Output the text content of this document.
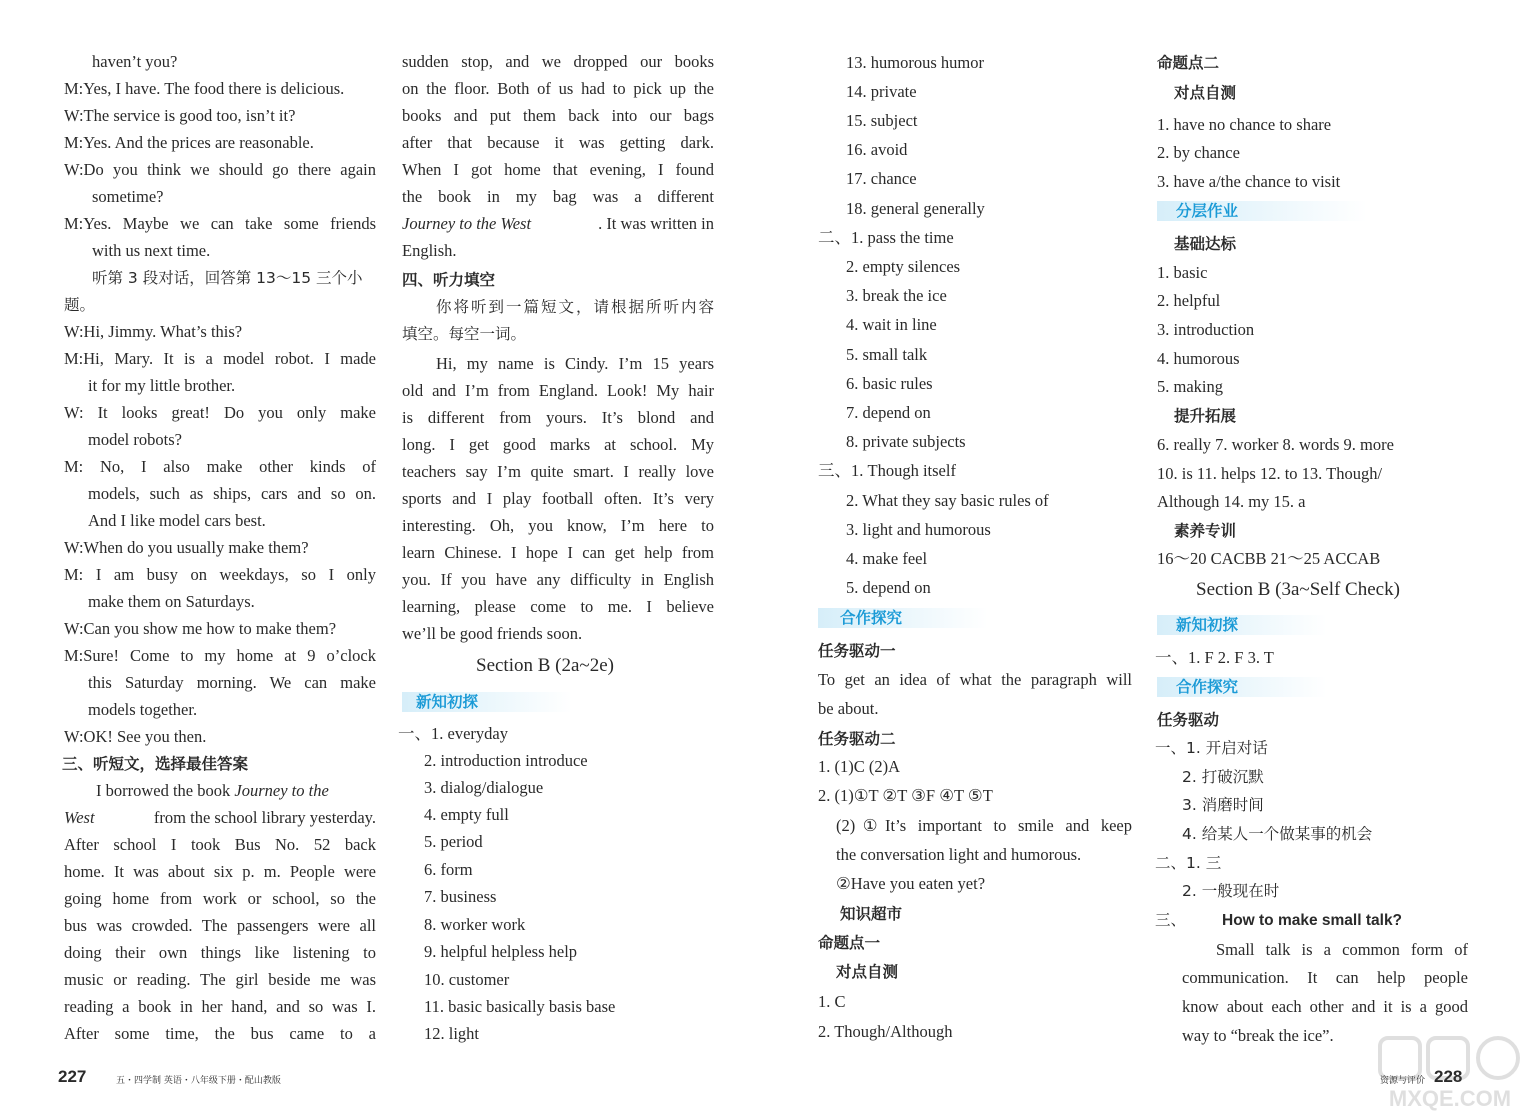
haven’t you?
M:Yes, I have. The food there is delicious.
W:The service is good too, isn’t it?
M:Yes. And the prices are reasonable.
W:Do you think we should go there again
sometime?
M:Yes. Maybe we can take some friends
with us next time.
听第 3 段对话，回答第 13～15 三个小
题。
W:Hi, Jimmy. What’s this?
M:Hi, Mary. It is a model robot. I made
it for my little brother.
W: It looks great! Do you only make
model robots?
M: No, I also make other kinds of
models, such as ships, cars and so on.
And I like model cars best.
W:When do you usually make them?
M: I am busy on weekdays, so I only
make them on Saturdays.
W:Can you show me how to make them?
M:Sure! Come to my home at 9 o’clock
this Saturday morning. We can make
models together.
W:OK! See you then.
三、听短文，选择最佳答案
I borrowed the book Journey to the
West	from the school library yesterday.
After school I took Bus No. 52 back
home. It was about six p. m. People were
going home from work or school, so the
bus was crowded. The passengers were all
doing their own things like listening to
music or reading. The girl beside me was
reading a book in her hand, and so was I.
After some time, the bus came to a
sudden stop, and we dropped our books
on the floor. Both of us had to pick up the
books and put them back into our bags
after that because it was getting dark.
When I got home that evening, I found
the book in my bag was a different
Journey to the West	. It was written in
English.
四、听力填空
你将听到一篇短文，请根据所听内容
填空。每空一词。
Hi, my name is Cindy. I’m 15 years
old and I’m from England. Look! My hair
is different from yours. It’s blond and
long. I get good marks at school. My
teachers say I’m quite smart. I really love
sports and I play football often. It’s very
interesting. Oh, you know, I’m here to
learn Chinese. I hope I can get help from
you. If you have any difficulty in English
learning, please come to me. I believe
we’ll be good friends soon.
Section B (2a~2e)
新知初探
一、1. everyday
2. introduction introduce
3. dialog/dialogue
4. empty full
5. period
6. form
7. business
8. worker work
9. helpful helpless help
10. customer
11. basic basically basis base
12. light
13. humorous humor
14. private
15. subject
16. avoid
17. chance
18. general generally
二、1. pass the time
2. empty silences
3. break the ice
4. wait in line
5. small talk
6. basic rules
7. depend on
8. private subjects
三、1. Though itself
2. What they say basic rules of
3. light and humorous
4. make feel
5. depend on
合作探究
任务驱动一
To get an idea of what the paragraph will
be about.
任务驱动二
1. (1)C (2)A
2. (1)①T ②T ③F ④T ⑤T
(2)①It’s important to smile and keep
the conversation light and humorous.
②Have you eaten yet?
知识超市
命题点一
对点自测
1. C
2. Though/Although
命题点二
对点自测
1. have no chance to share
2. by chance
3. have a/the chance to visit
分层作业
基础达标
1. basic
2. helpful
3. introduction
4. humorous
5. making
提升拓展
6. really 7. worker 8. words 9. more
10. is 11. helps 12. to 13. Though/
Although 14. my 15. a
素养专训
16～20 CACBB 21～25 ACCAB
Section B (3a~Self Check)
新知初探
一、1. F 2. F 3. T
合作探究
任务驱动
一、1. 开启对话
2. 打破沉默
3. 消磨时间
4. 给某人一个做某事的机会
二、1. 三
2. 一般现在时
三、 How to make small talk?
Small talk is a common form of
communication. It can help people
know about each other and it is a good
way to “break the ice”.
227	五・四学制 英语・八年级下册・配山教版	资源与评价 228
MXQE.COM
